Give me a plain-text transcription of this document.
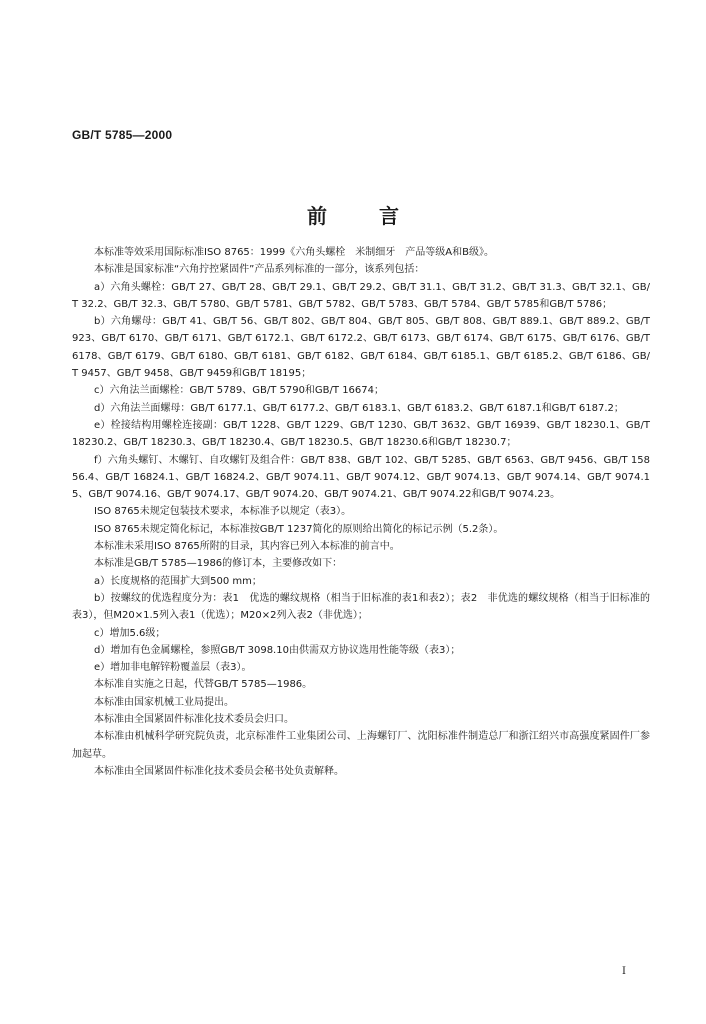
GB/T 5785—2000
前	言

本标准等效采用国际标准ISO 8765：1999《六角头螺栓　米制细牙　产品等级A和B级》。

本标准是国家标准“六角拧控紧固件”产品系列标准的一部分，该系列包括：

a）六角头螺栓：GB/T 27、GB/T 28、GB/T 29.1、GB/T 29.2、GB/T 31.1、GB/T 31.2、GB/T 31.3、GB/T 32.1、GB/T 32.2、GB/T 32.3、GB/T 5780、GB/T 5781、GB/T 5782、GB/T 5783、GB/T 5784、GB/T 5785和GB/T 5786；

b）六角螺母：GB/T 41、GB/T 56、GB/T 802、GB/T 804、GB/T 805、GB/T 808、GB/T 889.1、GB/T 889.2、GB/T 923、GB/T 6170、GB/T 6171、GB/T 6172.1、GB/T 6172.2、GB/T 6173、GB/T 6174、GB/T 6175、GB/T 6176、GB/T 6178、GB/T 6179、GB/T 6180、GB/T 6181、GB/T 6182、GB/T 6184、GB/T 6185.1、GB/T 6185.2、GB/T 6186、GB/T 9457、GB/T 9458、GB/T 9459和GB/T 18195；

c）六角法兰面螺栓：GB/T 5789、GB/T 5790和GB/T 16674；

d）六角法兰面螺母：GB/T 6177.1、GB/T 6177.2、GB/T 6183.1、GB/T 6183.2、GB/T 6187.1和GB/T 6187.2；

e）栓接结构用螺栓连接副：GB/T 1228、GB/T 1229、GB/T 1230、GB/T 3632、GB/T 16939、GB/T 18230.1、GB/T 18230.2、GB/T 18230.3、GB/T 18230.4、GB/T 18230.5、GB/T 18230.6和GB/T 18230.7；

f）六角头螺钉、木螺钉、自攻螺钉及组合件：GB/T 838、GB/T 102、GB/T 5285、GB/T 6563、GB/T 9456、GB/T 15856.4、GB/T 16824.1、GB/T 16824.2、GB/T 9074.11、GB/T 9074.12、GB/T 9074.13、GB/T 9074.14、GB/T 9074.15、GB/T 9074.16、GB/T 9074.17、GB/T 9074.20、GB/T 9074.21、GB/T 9074.22和GB/T 9074.23。

ISO 8765未规定包装技术要求，本标准予以规定（表3）。

ISO 8765未规定简化标记，本标准按GB/T 1237简化的原则给出简化的标记示例（5.2条）。

本标准未采用ISO 8765所附的目录，其内容已列入本标准的前言中。

本标准是GB/T 5785—1986的修订本，主要修改如下：

a）长度规格的范围扩大到500 mm；

b）按螺纹的优选程度分为：表1　优选的螺纹规格（相当于旧标准的表1和表2）；表2　非优选的螺纹规格（相当于旧标准的表3），但M20×1.5列入表1（优选）；M20×2列入表2（非优选）；

c）增加5.6级；

d）增加有色金属螺栓，参照GB/T 3098.10由供需双方协议选用性能等级（表3）；

e）增加非电解锌粉覆盖层（表3）。

本标准自实施之日起，代替GB/T 5785—1986。

本标准由国家机械工业局提出。

本标准由全国紧固件标准化技术委员会归口。

本标准由机械科学研究院负责，北京标准件工业集团公司、上海螺钉厂、沈阳标准件制造总厂和浙江绍兴市高强度紧固件厂参加起草。

本标准由全国紧固件标准化技术委员会秘书处负责解释。

I
